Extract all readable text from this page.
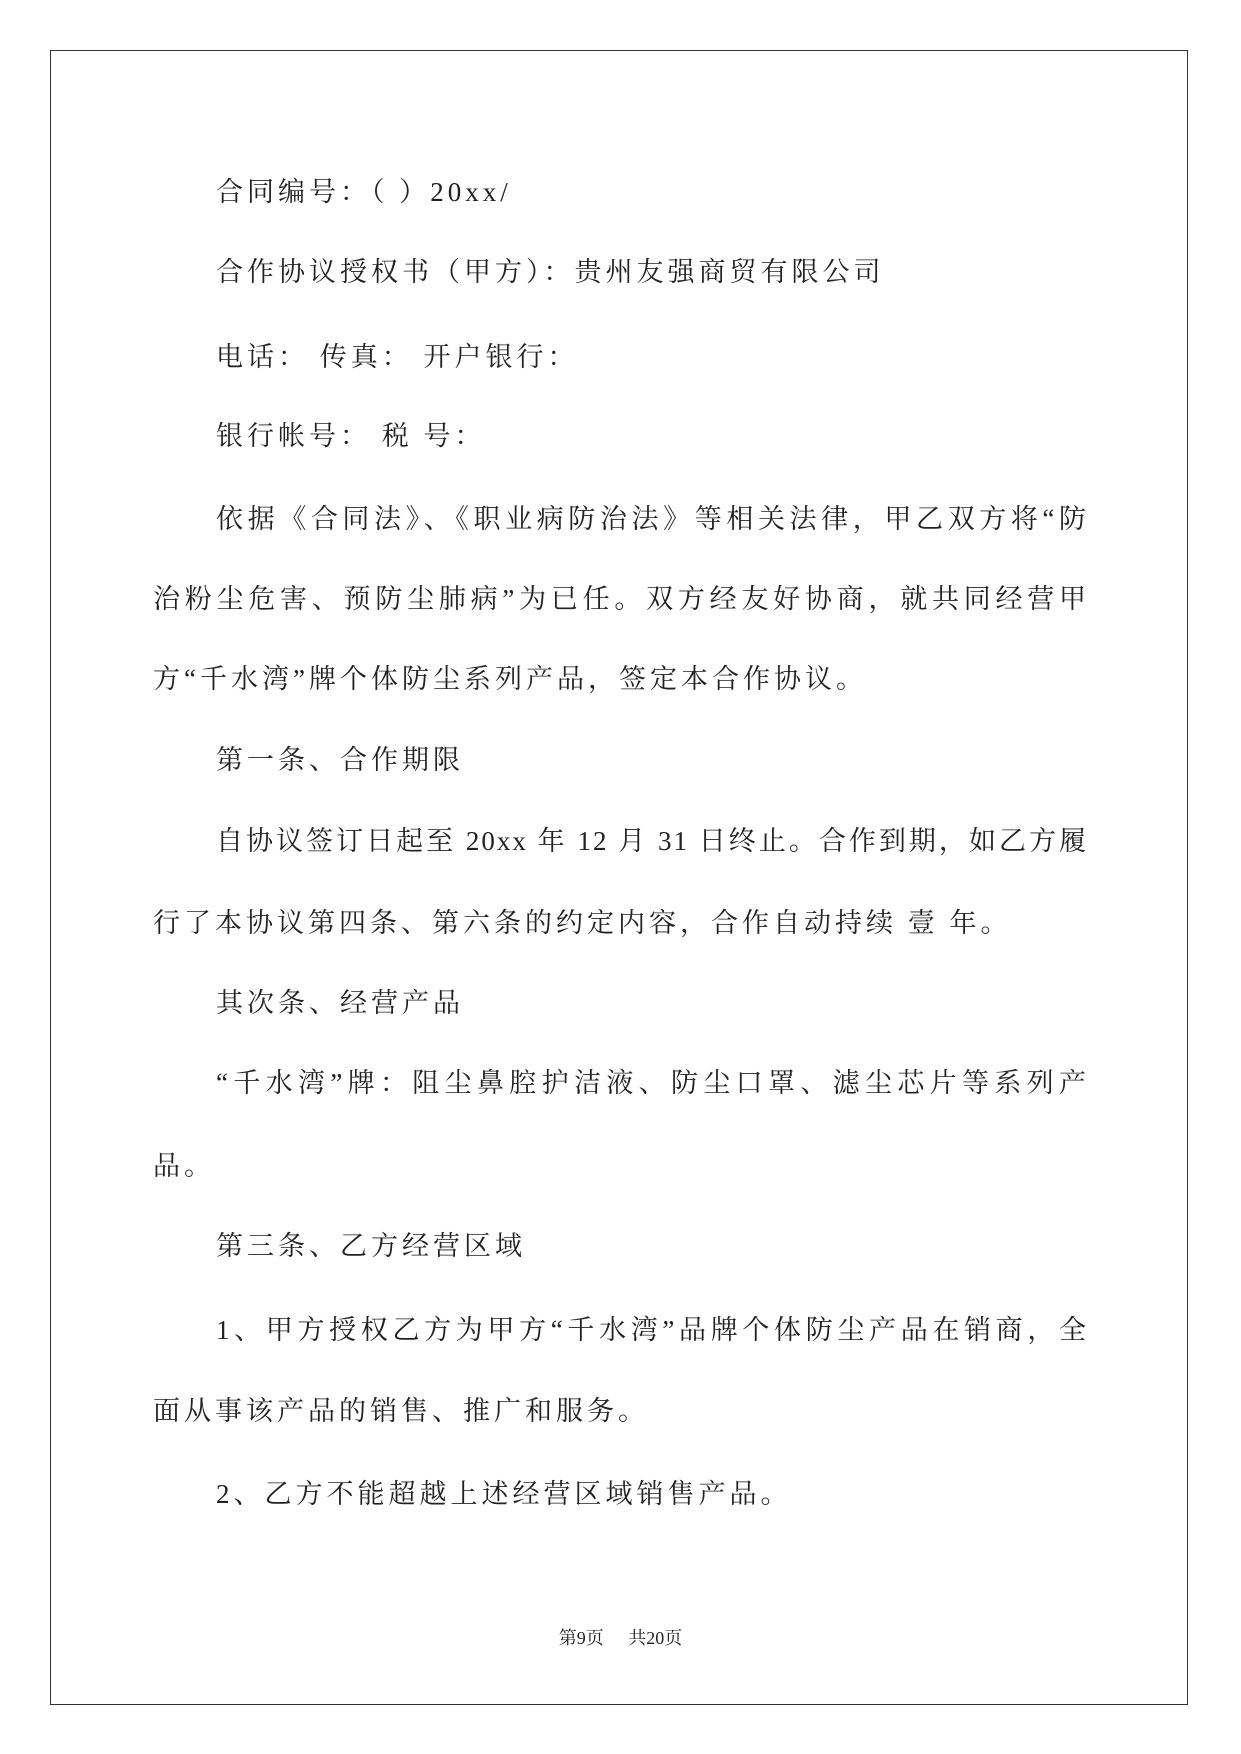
合同编号：（ ）20xx/
合作协议授权书（甲方）：贵州友强商贸有限公司
电话： 传真： 开户银行：
银行帐号： 税 号：
依据《合同法》、《职业病防治法》等相关法律，甲乙双方将“防
治粉尘危害、预防尘肺病”为已任。双方经友好协商，就共同经营甲
方“千水湾”牌个体防尘系列产品，签定本合作协议。
第一条、合作期限
自协议签订日起至 20xx 年 12 月 31 日终止。合作到期，如乙方履
行了本协议第四条、第六条的约定内容，合作自动持续 壹 年。
其次条、经营产品
“千水湾”牌：阻尘鼻腔护洁液、防尘口罩、滤尘芯片等系列产
品。
第三条、乙方经营区域
1、甲方授权乙方为甲方“千水湾”品牌个体防尘产品在销商，全
面从事该产品的销售、推广和服务。
2、乙方不能超越上述经营区域销售产品。
第9页 共20页
